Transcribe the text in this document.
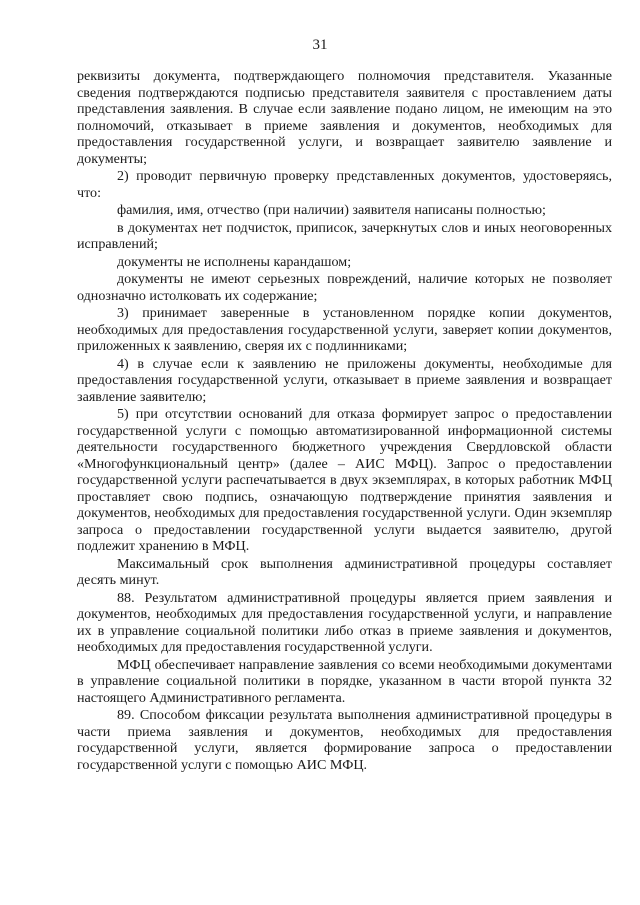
31

реквизиты документа, подтверждающего полномочия представителя. Указанные сведения подтверждаются подписью представителя заявителя с проставлением даты представления заявления. В случае если заявление подано лицом, не имеющим на это полномочий, отказывает в приеме заявления и документов, необходимых для предоставления государственной услуги, и возвращает заявителю заявление и документы;

2) проводит первичную проверку представленных документов, удостоверяясь, что:

фамилия, имя, отчество (при наличии) заявителя написаны полностью;

в документах нет подчисток, приписок, зачеркнутых слов и иных неоговоренных исправлений;

документы не исполнены карандашом;

документы не имеют серьезных повреждений, наличие которых не позволяет однозначно истолковать их содержание;

3) принимает заверенные в установленном порядке копии документов, необходимых для предоставления государственной услуги, заверяет копии документов, приложенных к заявлению, сверяя их с подлинниками;

4) в случае если к заявлению не приложены документы, необходимые для предоставления государственной услуги, отказывает в приеме заявления и возвращает заявление заявителю;

5) при отсутствии оснований для отказа формирует запрос о предоставлении государственной услуги с помощью автоматизированной информационной системы деятельности государственного бюджетного учреждения Свердловской области «Многофункциональный центр» (далее – АИС МФЦ). Запрос о предоставлении государственной услуги распечатывается в двух экземплярах, в которых работник МФЦ проставляет свою подпись, означающую подтверждение принятия заявления и документов, необходимых для предоставления государственной услуги. Один экземпляр запроса о предоставлении государственной услуги выдается заявителю, другой подлежит хранению в МФЦ.

Максимальный срок выполнения административной процедуры составляет десять минут.

88. Результатом административной процедуры является прием заявления и документов, необходимых для предоставления государственной услуги, и направление их в управление социальной политики либо отказ в приеме заявления и документов, необходимых для предоставления государственной услуги.

МФЦ обеспечивает направление заявления со всеми необходимыми документами в управление социальной политики в порядке, указанном в части второй пункта 32 настоящего Административного регламента.

89. Способом фиксации результата выполнения административной процедуры в части приема заявления и документов, необходимых для предоставления государственной услуги, является формирование запроса о предоставлении государственной услуги с помощью АИС МФЦ.
